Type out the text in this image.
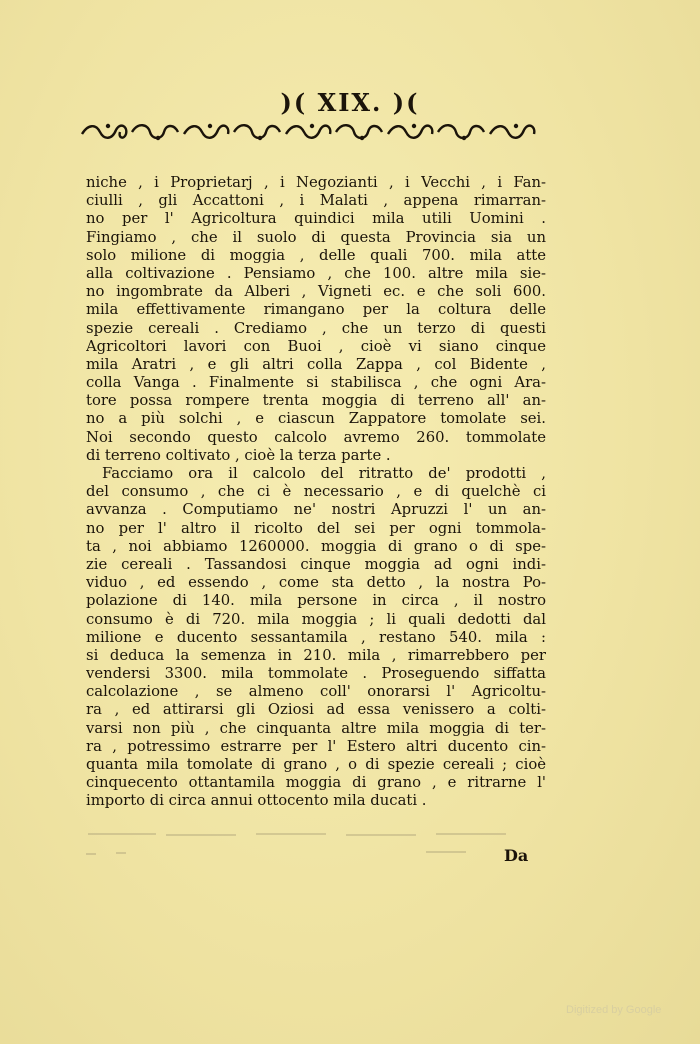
)( XIX. )(
niche , i Proprietarj , i Negozianti , i Vecchi , i Fan-
ciulli , gli Accattoni , i Malati , appena rimarran-
no per l' Agricoltura quindici mila utili Uomini .
Fingiamo , che il suolo di questa Provincia sia un
solo milione di moggia , delle quali 700. mila atte
alla coltivazione . Pensiamo , che 100. altre mila sie-
no ingombrate da Alberi , Vigneti ec. e che soli 600.
mila effettivamente rimangano per la coltura delle
spezie cereali . Crediamo , che un terzo di questi
Agricoltori lavori con Buoi , cioè vi siano cinque
mila Aratri , e gli altri colla Zappa , col Bidente ,
colla Vanga . Finalmente si stabilisca , che ogni Ara-
tore possa rompere trenta moggia di terreno all' an-
no a più solchi , e ciascun Zappatore tomolate sei.
Noi secondo questo calcolo avremo 260. tommolate
di terreno coltivato , cioè la terza parte .
Facciamo ora il calcolo del ritratto de' prodotti ,
del consumo , che ci è necessario , e di quelchè ci
avvanza . Computiamo ne' nostri Apruzzi l' un an-
no per l' altro il ricolto del sei per ogni tommola-
ta , noi abbiamo 1260000. moggia di grano o di spe-
zie cereali . Tassandosi cinque moggia ad ogni indi-
viduo , ed essendo , come sta detto , la nostra Po-
polazione di 140. mila persone in circa , il nostro
consumo è di 720. mila moggia ; li quali dedotti dal
milione e ducento sessantamila , restano 540. mila :
si deduca la semenza in 210. mila , rimarrebbero per
vendersi 3300. mila tommolate . Proseguendo siffatta
calcolazione , se almeno coll' onorarsi l' Agricoltu-
ra , ed attirarsi gli Oziosi ad essa venissero a colti-
varsi non più , che cinquanta altre mila moggia di ter-
ra , potressimo estrarre per l' Estero altri ducento cin-
quanta mila tomolate di grano , o di spezie cereali ; cioè
cinquecento ottantamila moggia di grano , e ritrarne l'
importo di circa annui ottocento mila ducati .
Da
Digitized by Google
